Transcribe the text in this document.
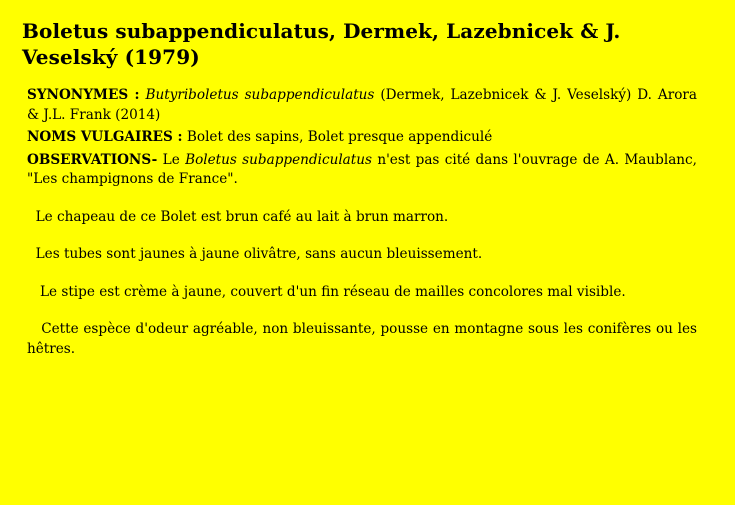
Boletus subappendiculatus, Dermek, Lazebnicek & J. Veselský (1979)

SYNONYMES : Butyriboletus subappendiculatus (Dermek, Lazebnicek & J. Veselský) D. Arora & J.L. Frank (2014)

NOMS VULGAIRES : Bolet des sapins, Bolet presque appendiculé

OBSERVATIONS- Le Boletus subappendiculatus n'est pas cité dans l'ouvrage de A. Maublanc, "Les champignons de France".

Le chapeau de ce Bolet est brun café au lait à brun marron.

Les tubes sont jaunes à jaune olivâtre, sans aucun bleuissement.

Le stipe est crème à jaune, couvert d'un fin réseau de mailles concolores mal visible.

Cette espèce d'odeur agréable, non bleuissante, pousse en montagne sous les conifères ou les hêtres.
